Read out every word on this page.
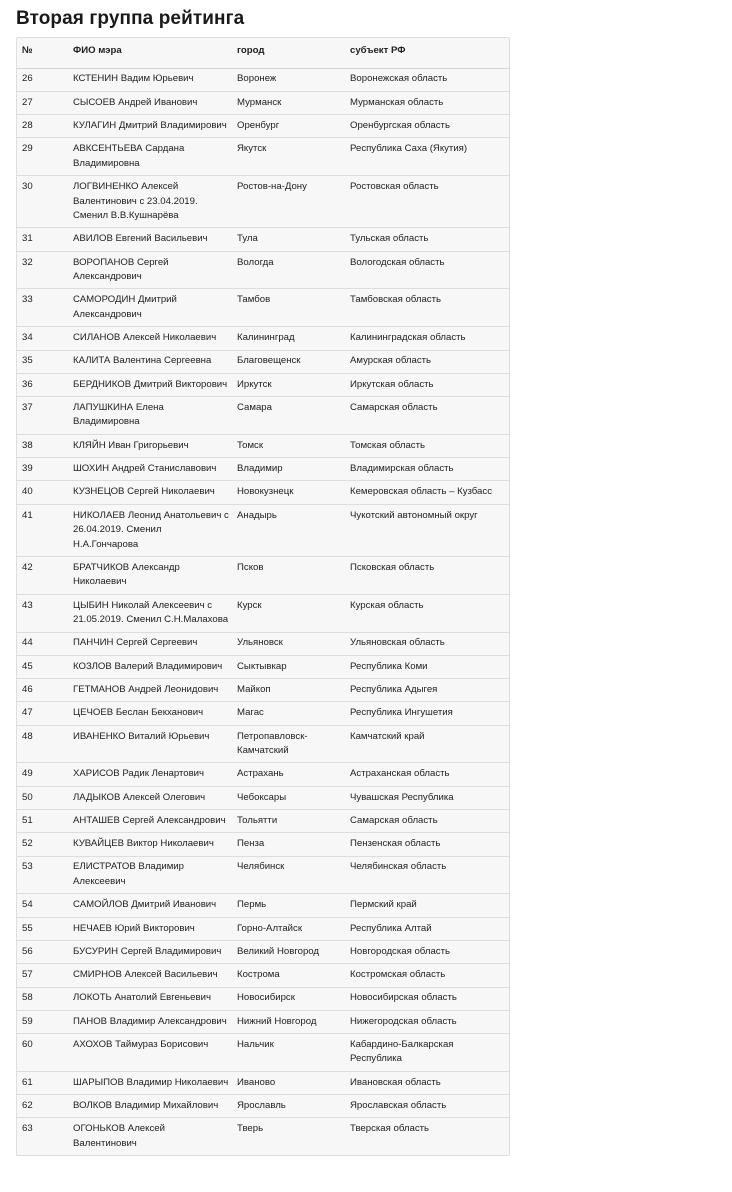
Вторая группа рейтинга
№	ФИО мэра	город	субъект РФ
26	КСТЕНИН Вадим Юрьевич	Воронеж	Воронежская область
27	СЫСОЕВ Андрей Иванович	Мурманск	Мурманская область
28	КУЛАГИН Дмитрий Владимирович	Оренбург	Оренбургская область
29	АВКСЕНТЬЕВА Сардана Владимировна	Якутск	Республика Саха (Якутия)
30	ЛОГВИНЕНКО Алексей Валентинович с 23.04.2019. Сменил В.В.Кушнарёва	Ростов-на-Дону	Ростовская область
31	АВИЛОВ Евгений Васильевич	Тула	Тульская область
32	ВОРОПАНОВ Сергей Александрович	Вологда	Вологодская область
33	САМОРОДИН Дмитрий Александрович	Тамбов	Тамбовская область
34	СИЛАНОВ Алексей Николаевич	Калининград	Калининградская область
35	КАЛИТА Валентина Сергеевна	Благовещенск	Амурская область
36	БЕРДНИКОВ Дмитрий Викторович	Иркутск	Иркутская область
37	ЛАПУШКИНА Елена Владимировна	Самара	Самарская область
38	КЛЯЙН Иван Григорьевич	Томск	Томская область
39	ШОХИН Андрей Станиславович	Владимир	Владимирская область
40	КУЗНЕЦОВ Сергей Николаевич	Новокузнецк	Кемеровская область – Кузбасс
41	НИКОЛАЕВ Леонид Анатольевич с 26.04.2019. Сменил Н.А.Гончарова	Анадырь	Чукотский автономный округ
42	БРАТЧИКОВ Александр Николаевич	Псков	Псковская область
43	ЦЫБИН Николай Алексеевич с 21.05.2019. Сменил С.Н.Малахова	Курск	Курская область
44	ПАНЧИН Сергей Сергеевич	Ульяновск	Ульяновская область
45	КОЗЛОВ Валерий Владимирович	Сыктывкар	Республика Коми
46	ГЕТМАНОВ Андрей Леонидович	Майкоп	Республика Адыгея
47	ЦЕЧОЕВ Беслан Бекханович	Магас	Республика Ингушетия
48	ИВАНЕНКО Виталий Юрьевич	Петропавловск-Камчатский	Камчатский край
49	ХАРИСОВ Радик Ленартович	Астрахань	Астраханская область
50	ЛАДЫКОВ Алексей Олегович	Чебоксары	Чувашская Республика
51	АНТАШЕВ Сергей Александрович	Тольятти	Самарская область
52	КУВАЙЦЕВ Виктор Николаевич	Пенза	Пензенская область
53	ЕЛИСТРАТОВ Владимир Алексеевич	Челябинск	Челябинская область
54	САМОЙЛОВ Дмитрий Иванович	Пермь	Пермский край
55	НЕЧАЕВ Юрий Викторович	Горно-Алтайск	Республика Алтай
56	БУСУРИН Сергей Владимирович	Великий Новгород	Новгородская область
57	СМИРНОВ Алексей Васильевич	Кострома	Костромская область
58	ЛОКОТЬ Анатолий Евгеньевич	Новосибирск	Новосибирская область
59	ПАНОВ Владимир Александрович	Нижний Новгород	Нижегородская область
60	АХОХОВ Таймураз Борисович	Нальчик	Кабардино-Балкарская Республика
61	ШАРЫПОВ Владимир Николаевич	Иваново	Ивановская область
62	ВОЛКОВ Владимир Михайлович	Ярославль	Ярославская область
63	ОГОНЬКОВ Алексей Валентинович	Тверь	Тверская область
